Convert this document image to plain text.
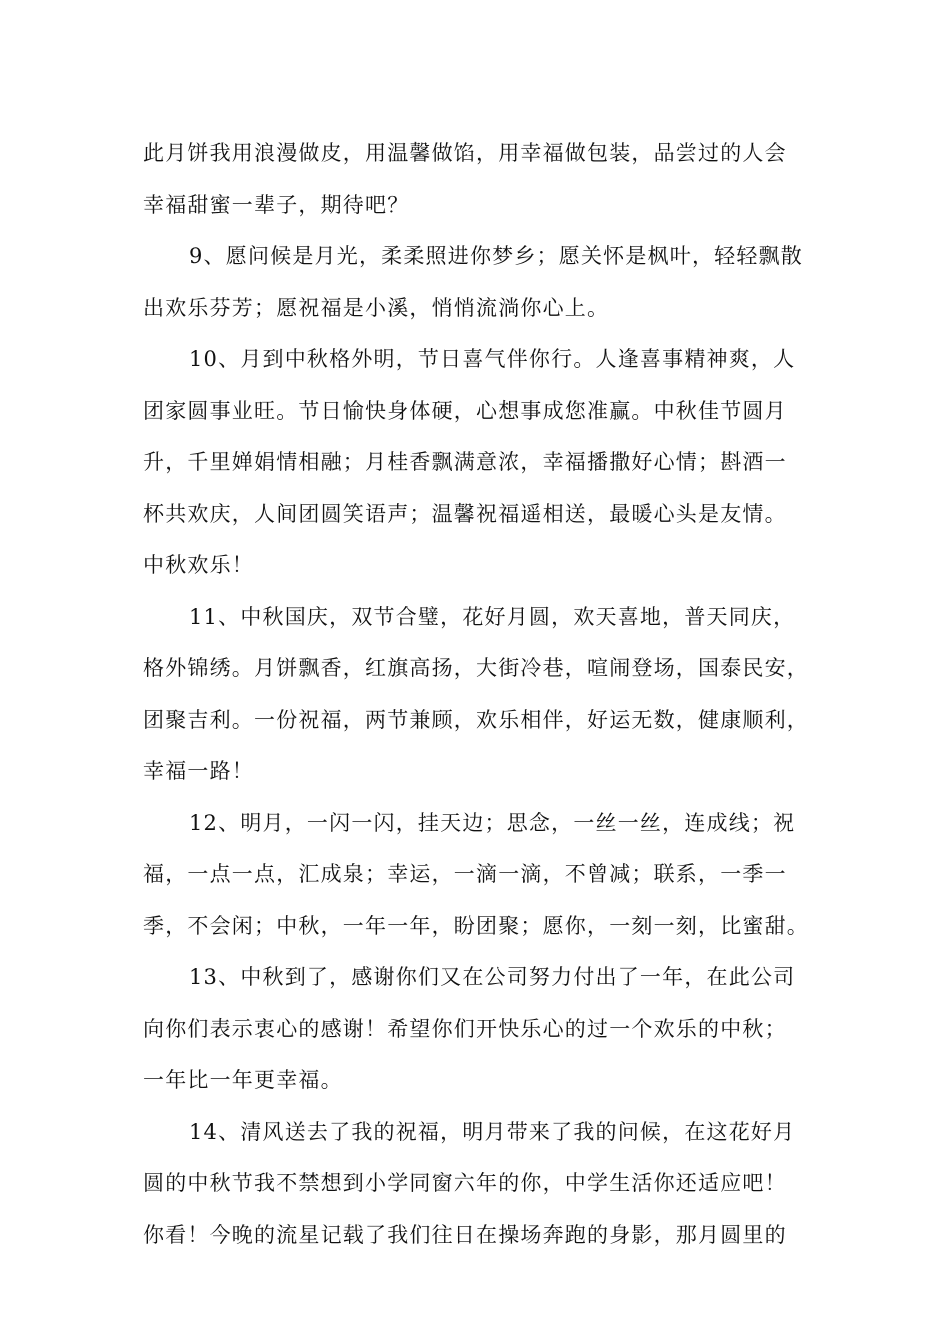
此月饼我用浪漫做皮，用温馨做馅，用幸福做包装，品尝过的人会
幸福甜蜜一辈子，期待吧？
9、愿问候是月光，柔柔照进你梦乡；愿关怀是枫叶，轻轻飘散
出欢乐芬芳；愿祝福是小溪，悄悄流淌你心上。
10、月到中秋格外明，节日喜气伴你行。人逢喜事精神爽，人
团家圆事业旺。节日愉快身体硬，心想事成您准赢。中秋佳节圆月
升，千里婵娟情相融；月桂香飘满意浓，幸福播撒好心情；斟酒一
杯共欢庆，人间团圆笑语声；温馨祝福遥相送，最暖心头是友情。
中秋欢乐！
11、中秋国庆，双节合璧，花好月圆，欢天喜地，普天同庆，
格外锦绣。月饼飘香，红旗高扬，大街冷巷，喧闹登场，国泰民安，
团聚吉利。一份祝福，两节兼顾，欢乐相伴，好运无数，健康顺利，
幸福一路！
12、明月，一闪一闪，挂天边；思念，一丝一丝，连成线；祝
福，一点一点，汇成泉；幸运，一滴一滴，不曾减；联系，一季一
季，不会闲；中秋，一年一年，盼团聚；愿你，一刻一刻，比蜜甜。
13、中秋到了，感谢你们又在公司努力付出了一年，在此公司
向你们表示衷心的感谢！希望你们开快乐心的过一个欢乐的中秋；
一年比一年更幸福。
14、清风送去了我的祝福，明月带来了我的问候，在这花好月
圆的中秋节我不禁想到小学同窗六年的你，中学生活你还适应吧！
你看！今晚的流星记载了我们往日在操场奔跑的身影，那月圆里的
